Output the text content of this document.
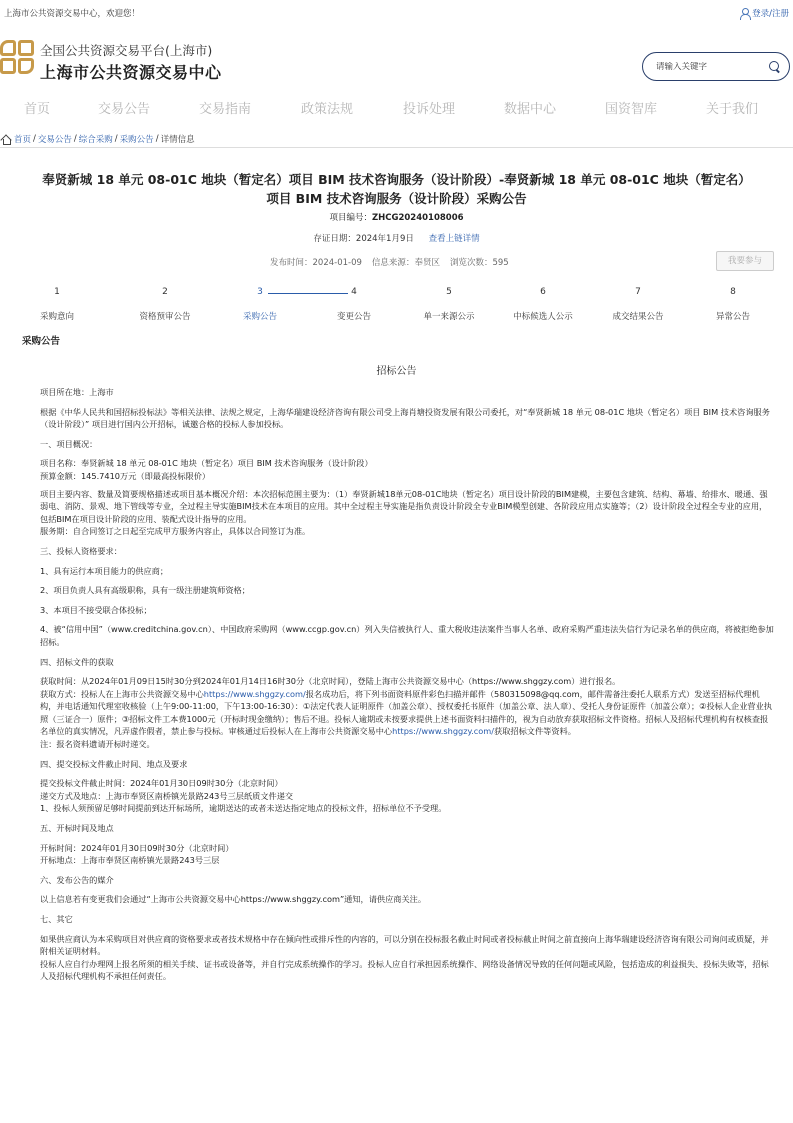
上海市公共资源交易中心，欢迎您！	登录/注册
全国公共资源交易平台(上海市)
上海市公共资源交易中心
请输入关键字
首页	交易公告	交易指南	政策法规	投诉处理	数据中心	国资智库	关于我们
首页 / 交易公告 / 综合采购 / 采购公告 / 详情信息
奉贤新城 18 单元 08-01C 地块（暂定名）项目 BIM 技术咨询服务（设计阶段）-奉贤新城 18 单元 08-01C 地块（暂定名）项目 BIM 技术咨询服务（设计阶段）采购公告
项目编号：ZHCG20240108006
存证日期：2024年1月9日 查看上链详情
发布时间：2024-01-09 信息来源：奉贤区 浏览次数：595	我要参与
1
采购意向
2
资格预审公告
3
采购公告
4
变更公告
5
单一来源公示
6
中标候选人公示
7
成交结果公告
8
异常公告
采购公告
招标公告

项目所在地：上海市

根据《中华人民共和国招标投标法》等相关法律、法规之规定，上海华瑞建设经济咨询有限公司受上海肖塘投资发展有限公司委托，对“奉贤新城 18 单元 08-01C 地块（暂定名）项目 BIM 技术咨询服务（设计阶段）” 项目进行国内公开招标，诚邀合格的投标人参加投标。

一、项目概况：

项目名称：奉贤新城 18 单元 08-01C 地块（暂定名）项目 BIM 技术咨询服务（设计阶段）

预算金额：145.7410万元（即最高投标限价）

项目主要内容、数量及简要规格描述或项目基本概况介绍：本次招标范围主要为：（1）奉贤新城18单元08-01C地块（暂定名）项目设计阶段的BIM建模，主要包含建筑、结构、幕墙、给排水、暖通、强弱电、消防、景观、地下管线等专业，全过程主导实施BIM技术在本项目的应用。其中全过程主导实施是指负责设计阶段全专业BIM模型创建、各阶段应用点实施等；（2）设计阶段全过程全专业的应用，包括BIM在项目设计阶段的应用、装配式设计指导的应用。

服务期：自合同签订之日起至完成甲方服务内容止，具体以合同签订为准。

三、投标人资格要求：

1、具有运行本项目能力的供应商；

2、项目负责人具有高级职称，具有一级注册建筑师资格；

3、本项目不接受联合体投标；

4、被“信用中国”（www.creditchina.gov.cn）、中国政府采购网（www.ccgp.gov.cn）列入失信被执行人、重大税收违法案件当事人名单、政府采购严重违法失信行为记录名单的供应商，将被拒绝参加招标。

四、招标文件的获取

获取时间：从2024年01月09日15时30分到2024年01月14日16时30分（北京时间），登陆上海市公共资源交易中心（https://www.shggzy.com）进行报名。

获取方式：投标人在上海市公共资源交易中心https://www.shggzy.com/报名成功后，将下列书面资料原件彩色扫描并邮件（580315098@qq.com，邮件需备注委托人联系方式）发送至招标代理机构，并电话通知代理室收核验（上午9:00-11:00，下午13:00-16:30）：①法定代表人证明原件（加盖公章）、授权委托书原件（加盖公章、法人章）、受托人身份证原件（加盖公章）；②投标人企业营业执照（三证合一）原件；③招标文件工本费1000元（开标时现金缴纳）；售后不退。投标人逾期或未按要求提供上述书面资料扫描件的，视为自动放弃获取招标文件资格。招标人及招标代理机构有权核查报名单位的真实情况，凡弄虚作假者，禁止参与投标。审核通过后投标人在上海市公共资源交易中心https://www.shggzy.com/获取招标文件等资料。

注：报名资料遗请开标时递交。

四、提交投标文件截止时间、地点及要求

提交投标文件截止时间：2024年01月30日09时30分（北京时间）

递交方式及地点：上海市奉贤区南桥镇光景路243号三层纸质文件递交

1、投标人须预留足够时间提前到达开标场所，逾期送达的或者未送达指定地点的投标文件，招标单位不予受理。

五、开标时间及地点

开标时间：2024年01月30日09时30分（北京时间）

开标地点：上海市奉贤区南桥镇光景路243号三层

六、发布公告的媒介

以上信息若有变更我们会通过“上海市公共资源交易中心https://www.shggzy.com”通知，请供应商关注。

七、其它

如果供应商认为本采购项目对供应商的资格要求或者技术规格中存在倾向性或排斥性的内容的，可以分别在投标报名截止时间或者投标截止时间之前直接向上海华瑞建设经济咨询有限公司询问或质疑，并附相关证明材料。

投标人应自行办理网上报名所须的相关手续、证书或设备等，并自行完成系统操作的学习。投标人应自行承担因系统操作、网络设备情况导致的任何问题或风险，包括造成的利益损失、投标失败等，招标人及招标代理机构不承担任何责任。
